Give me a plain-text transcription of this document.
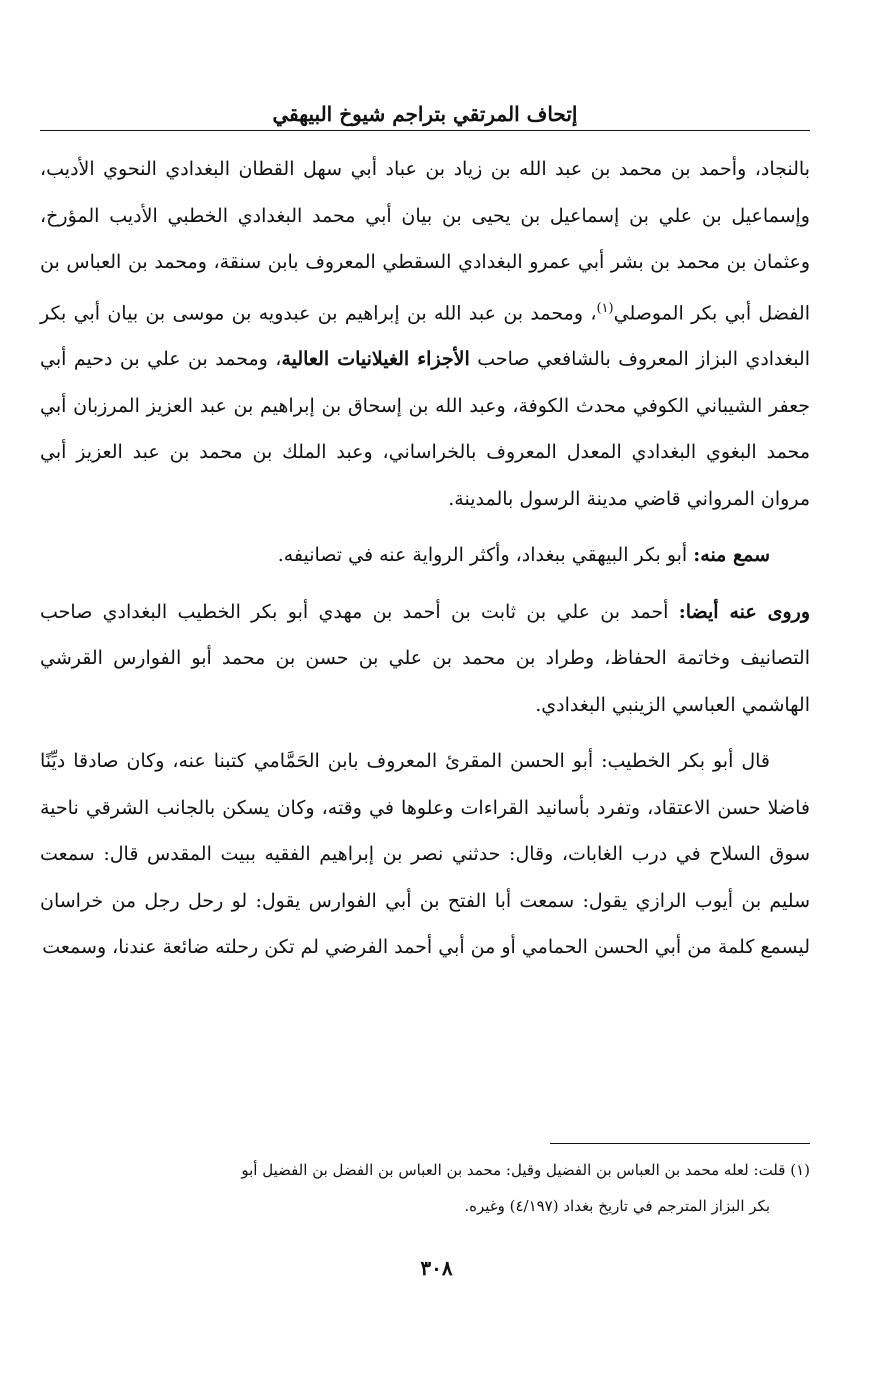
إتحاف المرتقي بتراجم شيوخ البيهقي

بالنجاد، وأحمد بن محمد بن عبد الله بن زياد بن عباد أبي سهل القطان البغدادي النحوي الأديب، وإسماعيل بن علي بن إسماعيل بن يحيى بن بيان أبي محمد البغدادي الخطبي الأديب المؤرخ، وعثمان بن محمد بن بشر أبي عمرو البغدادي السقطي المعروف بابن سنقة، ومحمد بن العباس بن الفضل أبي بكر الموصلي$^{(١)}$، ومحمد بن عبد الله بن إبراهيم بن عبدويه بن موسى بن بيان أبي بكر البغدادي البزاز المعروف بالشافعي صاحب الأجزاء الغيلانيات العالية، ومحمد بن علي بن دحيم أبي جعفر الشيباني الكوفي محدث الكوفة، وعبد الله بن إسحاق بن إبراهيم بن عبد العزيز المرزبان أبي محمد البغوي البغدادي المعدل المعروف بالخراساني، وعبد الملك بن محمد بن عبد العزيز أبي مروان المرواني قاضي مدينة الرسول بالمدينة.

سمع منه: أبو بكر البيهقي ببغداد، وأكثر الرواية عنه في تصانيفه.

وروى عنه أيضا: أحمد بن علي بن ثابت بن أحمد بن مهدي أبو بكر الخطيب البغدادي صاحب التصانيف وخاتمة الحفاظ، وطراد بن محمد بن علي بن حسن بن محمد أبو الفوارس القرشي الهاشمي العباسي الزينبي البغدادي.

قال أبو بكر الخطيب: أبو الحسن المقرئ المعروف بابن الحَمَّامي كتبنا عنه، وكان صادقا ديِّنًا فاضلا حسن الاعتقاد، وتفرد بأسانيد القراءات وعلوها في وقته، وكان يسكن بالجانب الشرقي ناحية سوق السلاح في درب الغابات، وقال: حدثني نصر بن إبراهيم الفقيه ببيت المقدس قال: سمعت سليم بن أيوب الرازي يقول: سمعت أبا الفتح بن أبي الفوارس يقول: لو رحل رجل من خراسان ليسمع كلمة من أبي الحسن الحمامي أو من أبي أحمد الفرضي لم تكن رحلته ضائعة عندنا، وسمعت

(١) قلت: لعله محمد بن العباس بن الفضيل وقيل: محمد بن العباس بن الفضل بن الفضيل أبو

بكر البزاز المترجم في تاريخ بغداد (٤/١٩٧) وغيره.

٣٠٨
